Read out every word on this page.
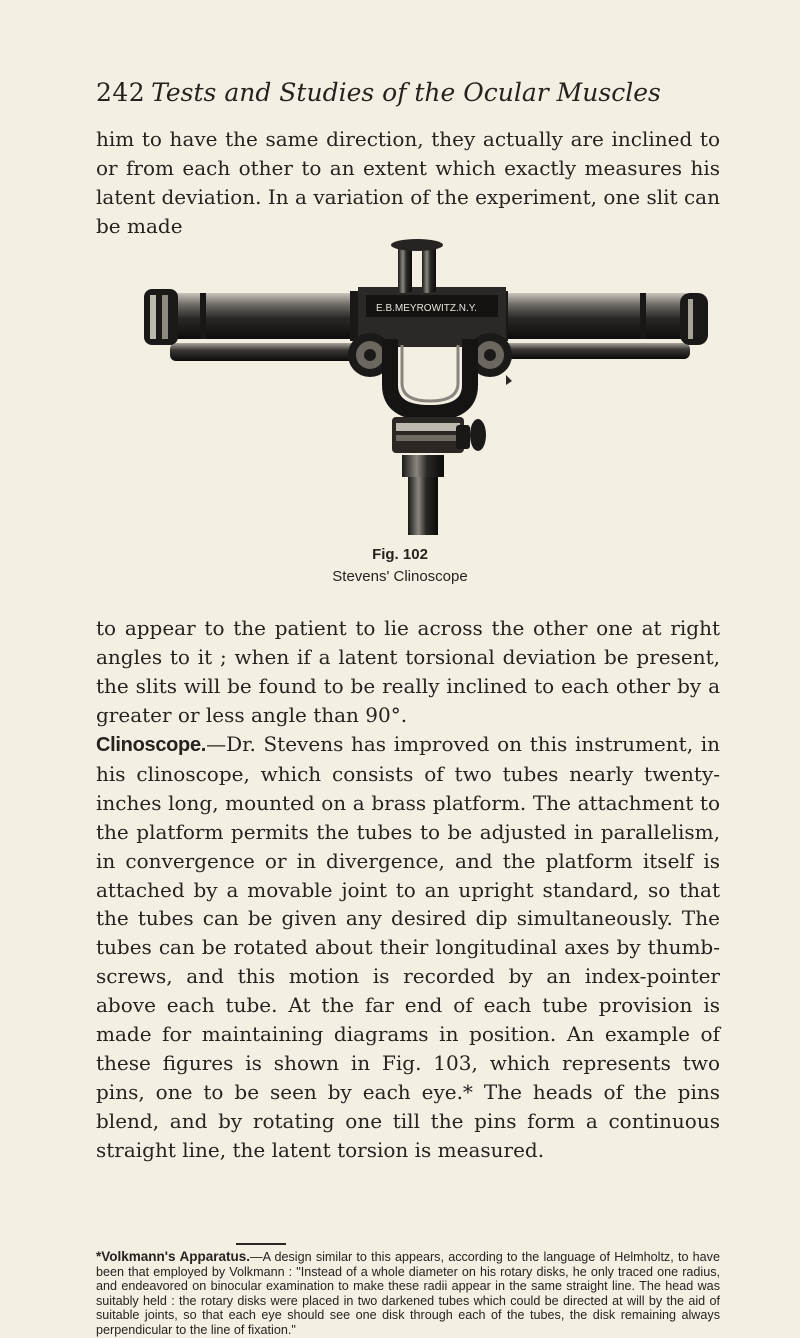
242 Tests and Studies of the Ocular Muscles

him to have the same direction, they actually are inclined to or from each other to an extent which exactly measures his latent deviation. In a variation of the experiment, one slit can be made

E.B.MEYROWITZ.N.Y.
Fig. 102
Stevens' Clinoscope

to appear to the patient to lie across the other one at right angles to it ; when if a latent torsional deviation be present, the slits will be found to be really inclined to each other by a greater or less angle than 90°.

Clinoscope.—Dr. Stevens has improved on this instrument, in his clinoscope, which consists of two tubes nearly twenty-inches long, mounted on a brass platform. The attachment to the platform permits the tubes to be adjusted in parallelism, in convergence or in divergence, and the platform itself is attached by a movable joint to an upright standard, so that the tubes can be given any desired dip simultaneously. The tubes can be rotated about their longitudinal axes by thumb-screws, and this motion is recorded by an index-pointer above each tube. At the far end of each tube provision is made for maintaining diagrams in position. An example of these figures is shown in Fig. 103, which represents two pins, one to be seen by each eye.* The heads of the pins blend, and by rotating one till the pins form a continuous straight line, the latent torsion is measured.

*Volkmann's Apparatus.—A design similar to this appears, according to the language of Helmholtz, to have been that employed by Volkmann : "Instead of a whole diameter on his rotary disks, he only traced one radius, and endeavored on binocular examination to make these radii appear in the same straight line. The head was suitably held : the rotary disks were placed in two darkened tubes which could be directed at will by the aid of suitable joints, so that each eye should see one disk through each of the tubes, the disk remaining always perpendicular to the line of fixation."
